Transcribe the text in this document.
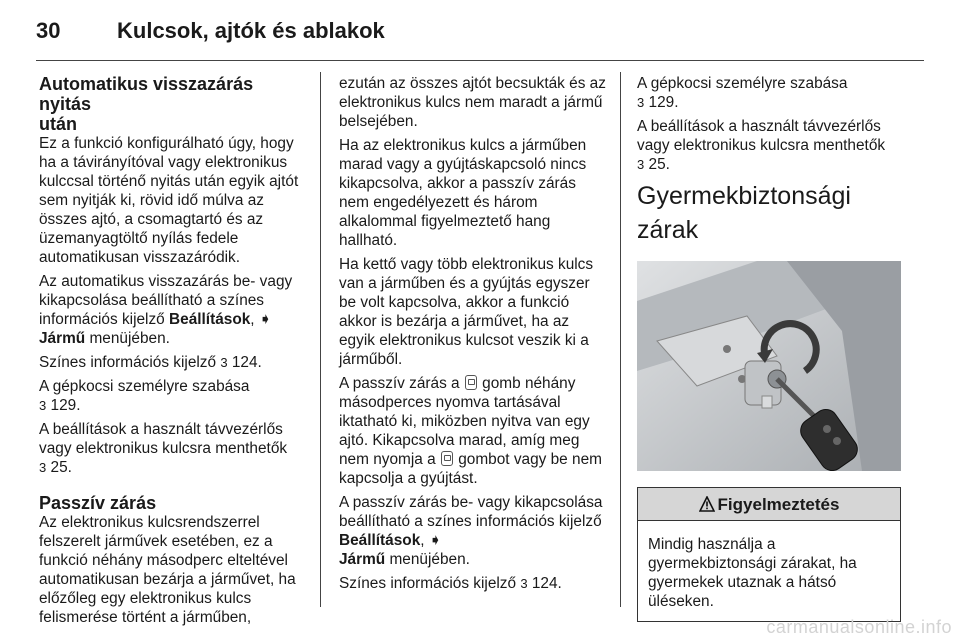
30	Kulcsok, ajtók és ablakok
Automatikus visszazárás nyitás
után

Ez a funkció konfigurálható úgy, hogy ha a távirányítóval vagy elektronikus kulccsal történő nyitás után egyik ajtót sem nyitják ki, rövid idő múlva az összes ajtó, a csomagtartó és az üzemanyagtöltő nyílás fedele automatikusan visszazáródik.

Az automatikus visszazárás be- vagy kikapcsolása beállítható a színes információs kijelző Beállítások, ➧
Jármű menüjében.

Színes információs kijelző 3 124.

A gépkocsi személyre szabása
3 129.

A beállítások a használt távvezérlős vagy elektronikus kulcsra menthetők
3 25.

Passzív zárás

Az elektronikus kulcsrendszerrel felszerelt járművek esetében, ez a funkció néhány másodperc elteltével automatikusan bezárja a járművet, ha előzőleg egy elektronikus kulcs felismerése történt a járműben,

ezután az összes ajtót becsukták és az elektronikus kulcs nem maradt a jármű belsejében.

Ha az elektronikus kulcs a járműben marad vagy a gyújtáskapcsoló nincs kikapcsolva, akkor a passzív zárás nem engedélyezett és három alkalommal figyelmeztető hang hallható.

Ha kettő vagy több elektronikus kulcs van a járműben és a gyújtás egyszer be volt kapcsolva, akkor a funkció akkor is bezárja a járművet, ha az egyik elektronikus kulcsot veszik ki a járműből.

A passzív zárás a  gomb néhány másodperces nyomva tartásával iktatható ki, miközben nyitva van egy ajtó. Kikapcsolva marad, amíg meg nem nyomja a  gombot vagy be nem kapcsolja a gyújtást.

A passzív zárás be- vagy kikapcsolása beállítható a színes információs kijelző Beállítások, ➧
Jármű menüjében.

Színes információs kijelző 3 124.

A gépkocsi személyre szabása
3 129.

A beállítások a használt távvezérlős vagy elektronikus kulcsra menthetők
3 25.

Gyermekbiztonsági zárak
Figyelmeztetés
Mindig használja a gyermekbiztonsági zárakat, ha gyermekek utaznak a hátsó üléseken.
carmanualsonline.info
